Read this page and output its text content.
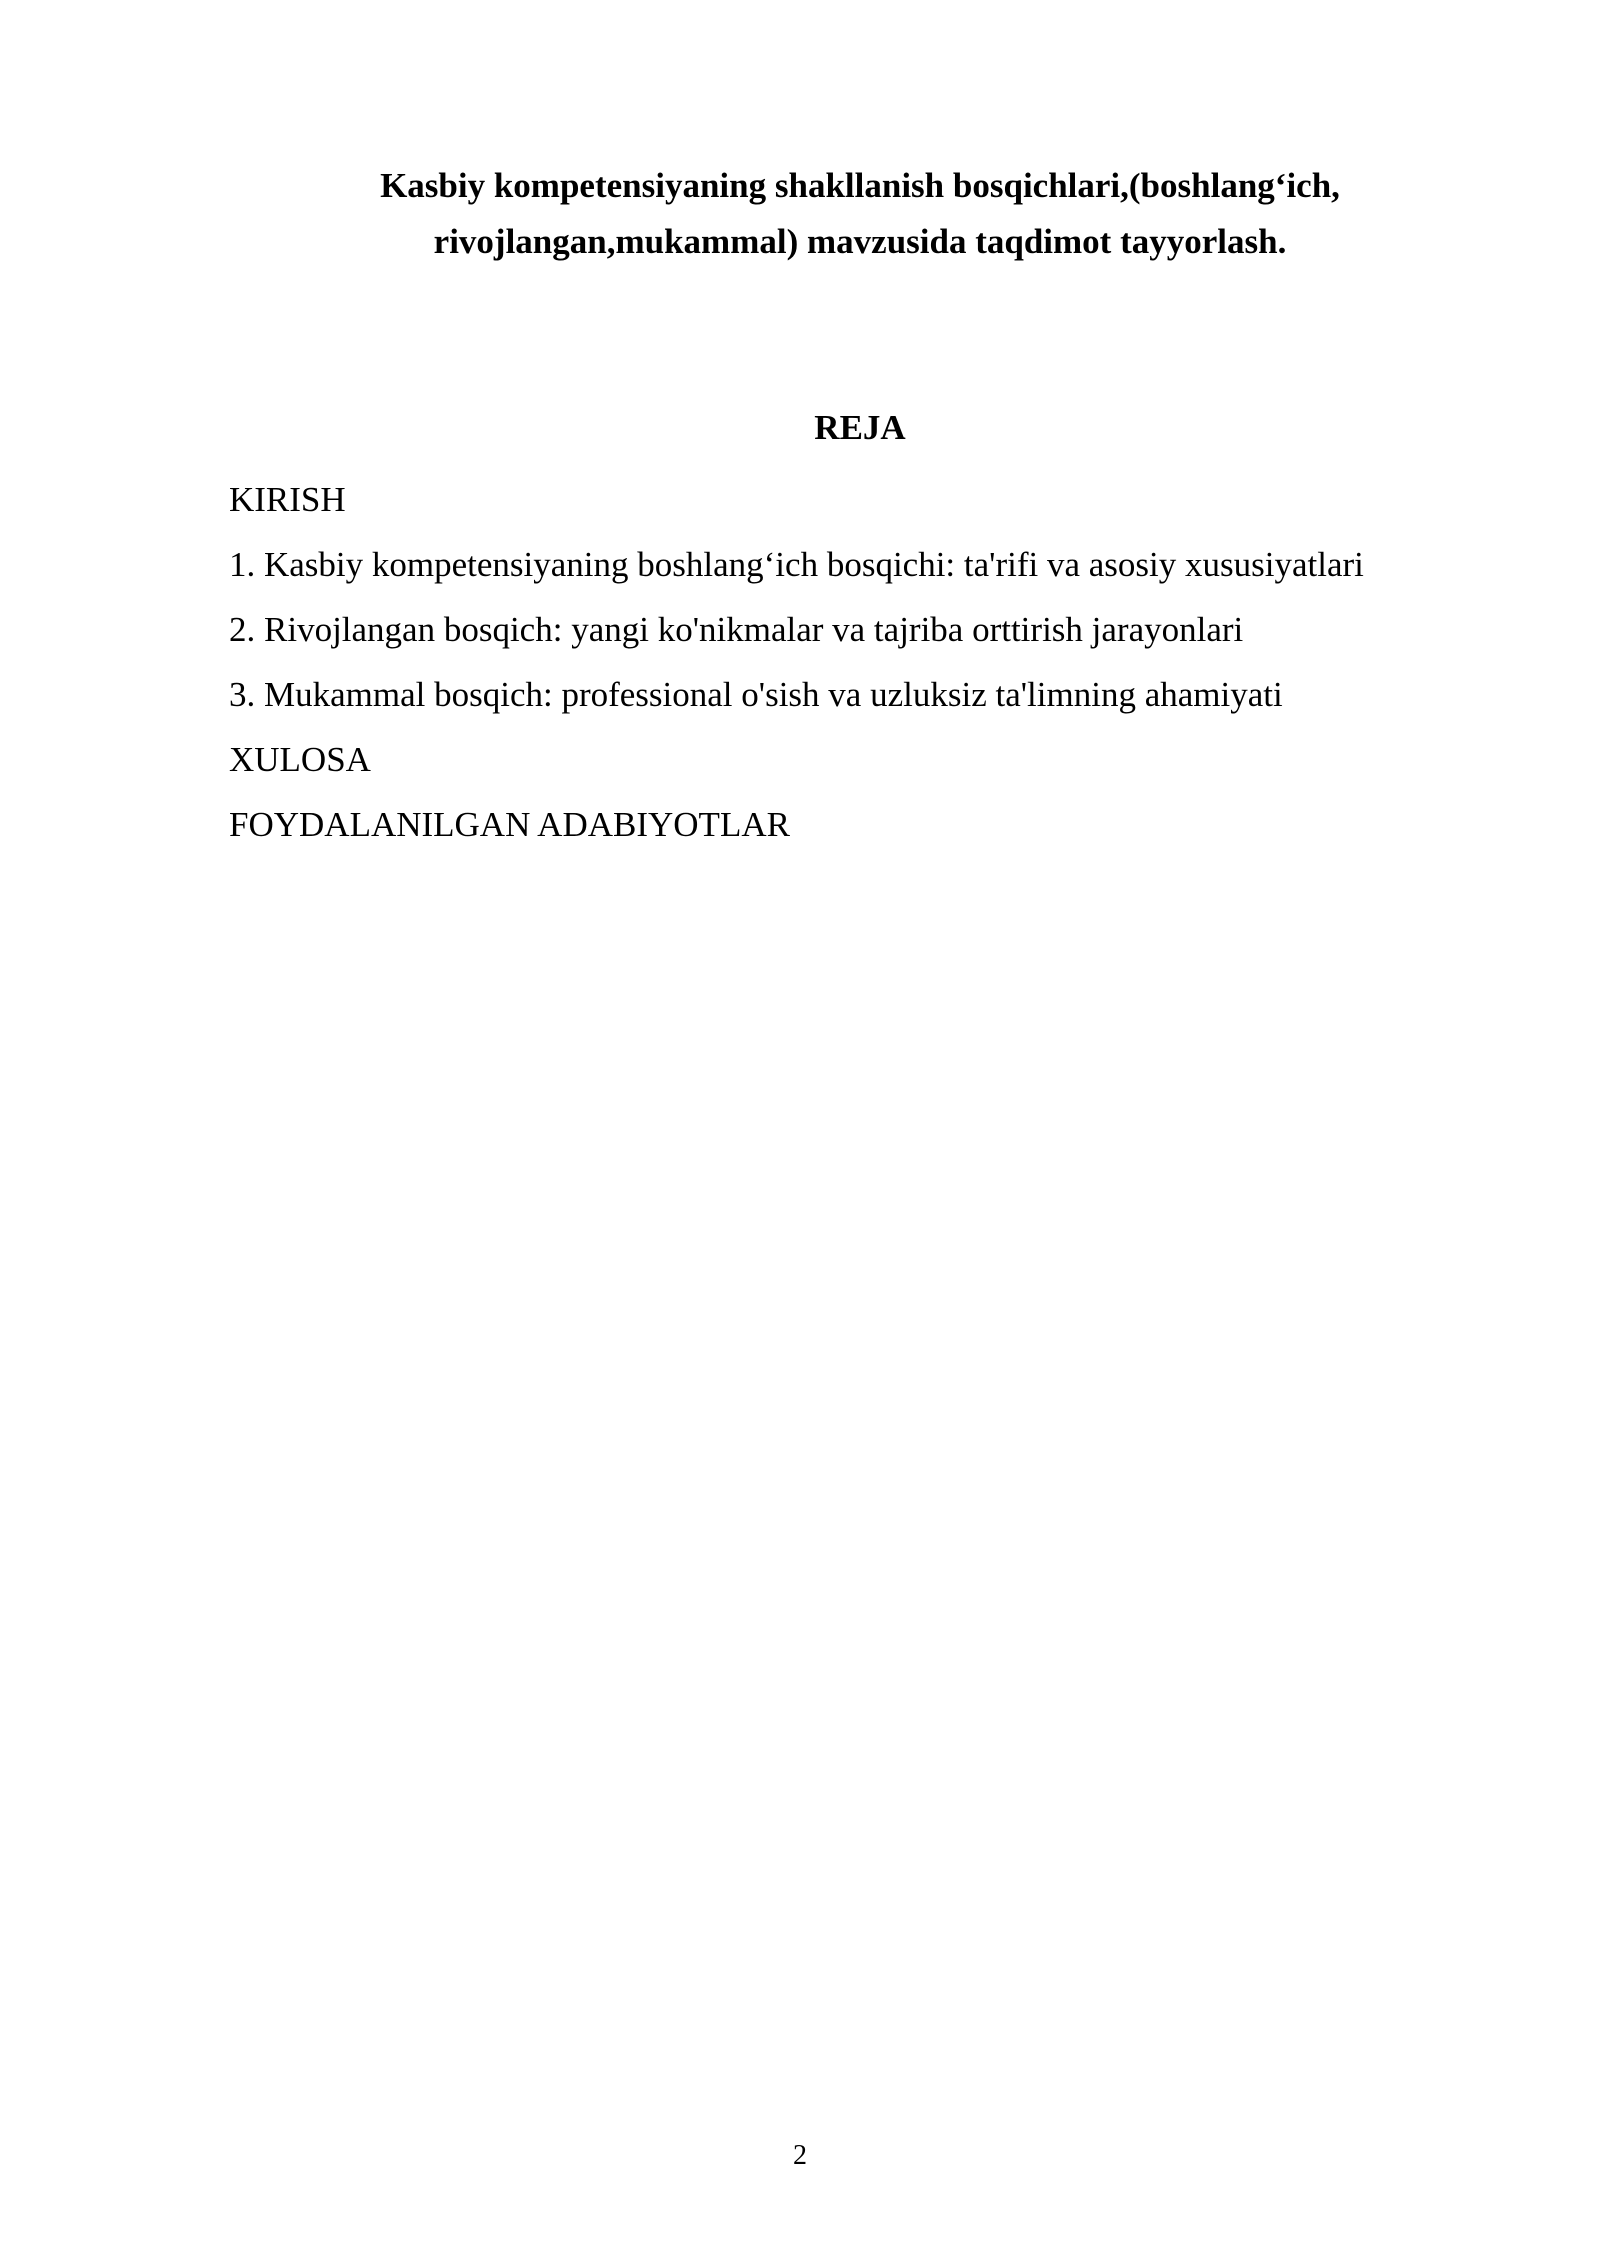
Kasbiy kompetensiyaning shakllanish bosqichlari,(boshlang‘ich,
rivojlangan,mukammal) mavzusida taqdimot tayyorlash.
REJA
KIRISH
1. Kasbiy kompetensiyaning boshlang‘ich bosqichi: ta'rifi va asosiy xususiyatlari
2. Rivojlangan bosqich: yangi ko'nikmalar va tajriba orttirish jarayonlari
3. Mukammal bosqich: professional o'sish va uzluksiz ta'limning ahamiyati
XULOSA
FOYDALANILGAN ADABIYOTLAR
2
